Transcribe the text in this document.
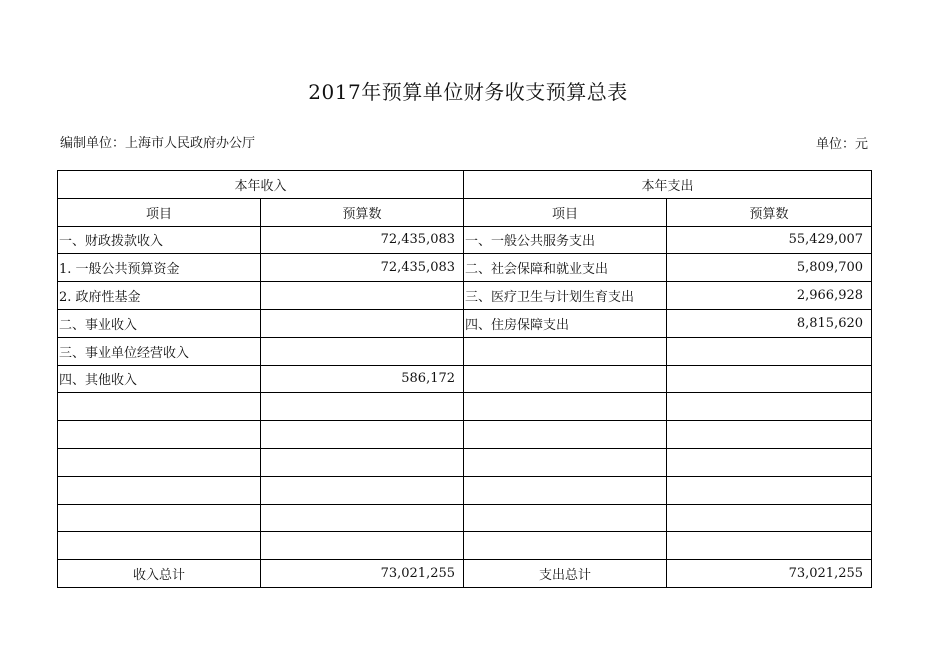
2017年预算单位财务收支预算总表
编制单位：上海市人民政府办公厅	单位：元
本年收入		本年支出	
项目	预算数	项目	预算数
一、财政拨款收入	72,435,083	一、一般公共服务支出	55,429,007
1. 一般公共预算资金	72,435,083	二、社会保障和就业支出	5,809,700
2. 政府性基金		三、医疗卫生与计划生育支出	2,966,928
二、事业收入		四、住房保障支出	8,815,620
三、事业单位经营收入			
四、其他收入	586,172		

收入总计	73,021,255	支出总计	73,021,255
